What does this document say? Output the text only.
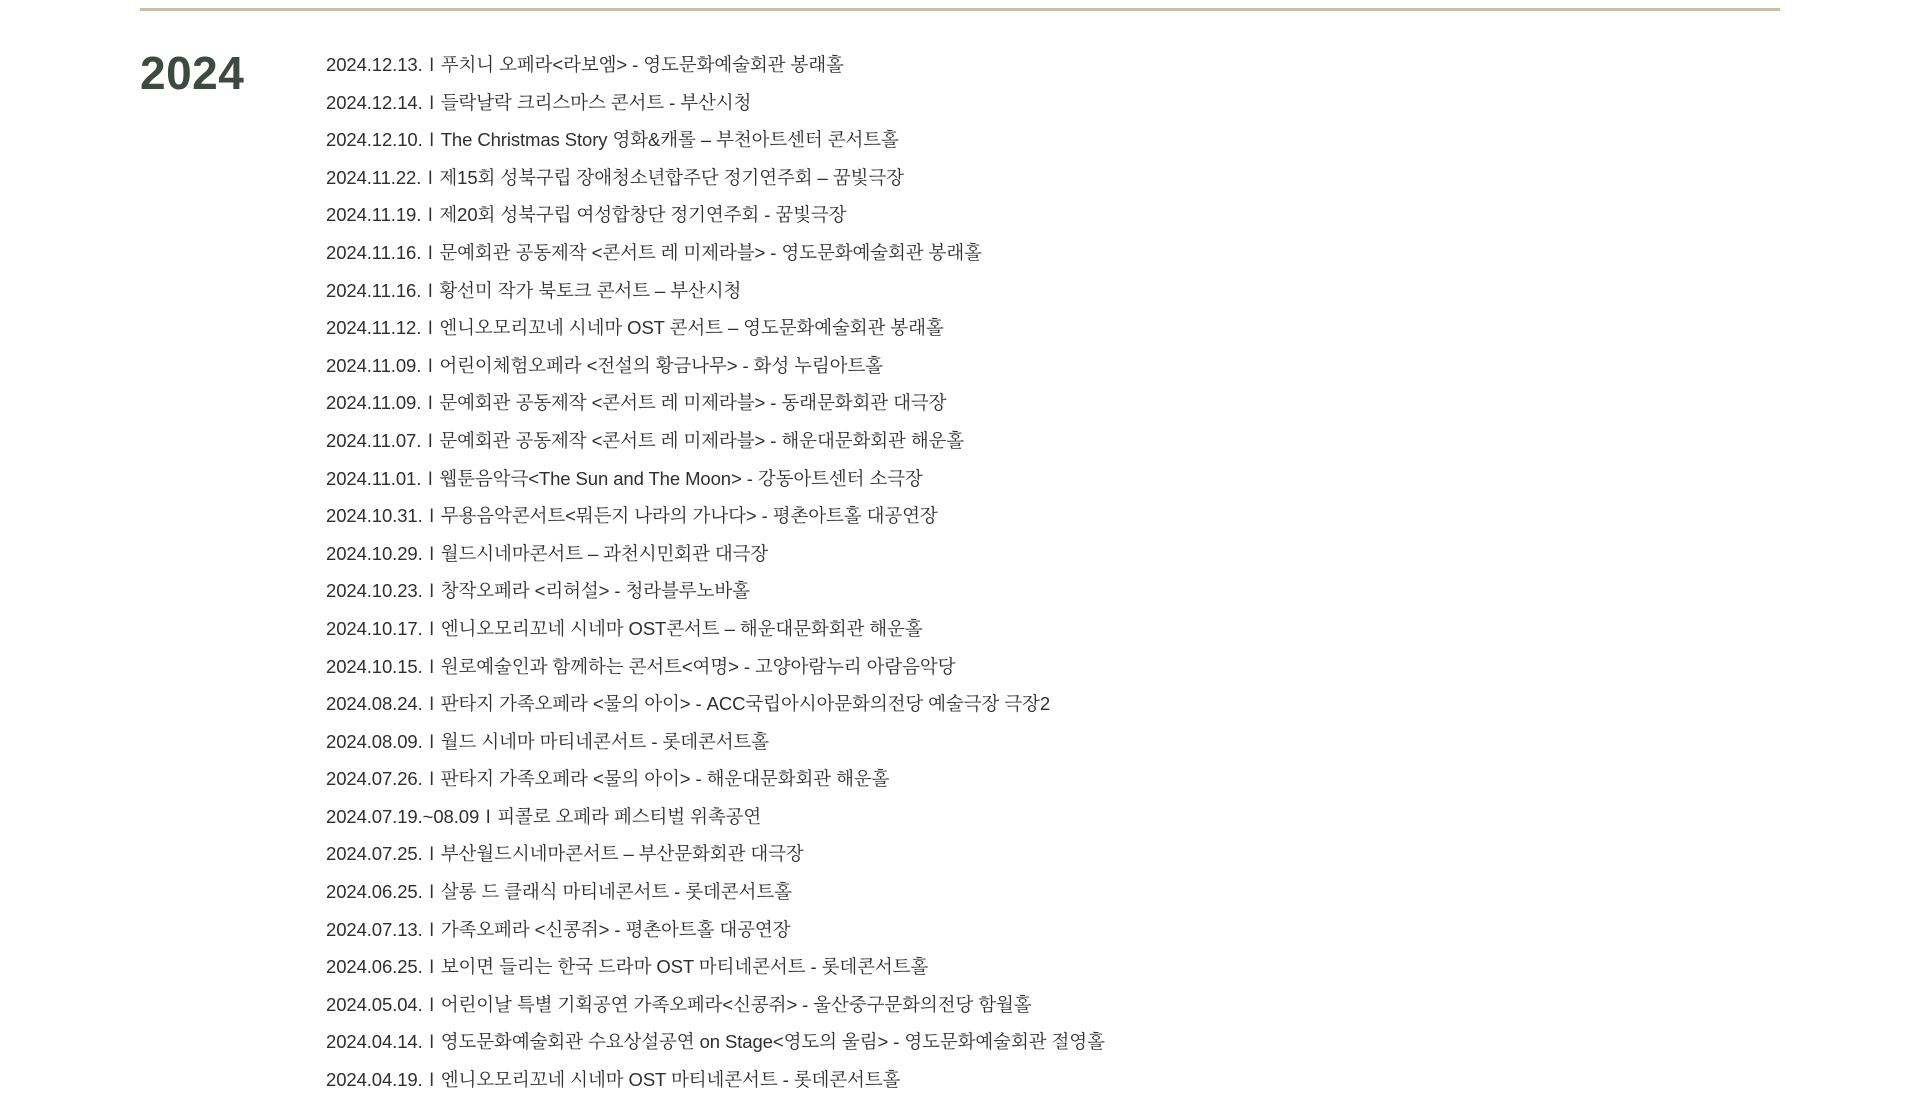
2024	2024.12.13. l 푸치니 오페라<라보엠> - 영도문화예술회관 봉래홀
2024.12.14. l 들락날락 크리스마스 콘서트 - 부산시청
2024.12.10. l The Christmas Story 영화&캐롤 – 부천아트센터 콘서트홀
2024.11.22. l 제15회 성북구립 장애청소년합주단 정기연주회 – 꿈빛극장
2024.11.19. l 제20회 성북구립 여성합창단 정기연주회 - 꿈빛극장
2024.11.16. l 문예회관 공동제작 <콘서트 레 미제라블> - 영도문화예술회관 봉래홀
2024.11.16. l 황선미 작가 북토크 콘서트 – 부산시청
2024.11.12. l 엔니오모리꼬네 시네마 OST 콘서트 – 영도문화예술회관 봉래홀
2024.11.09. l 어린이체험오페라 <전설의 황금나무> - 화성 누림아트홀
2024.11.09. l 문예회관 공동제작 <콘서트 레 미제라블> - 동래문화회관 대극장
2024.11.07. l 문예회관 공동제작 <콘서트 레 미제라블> - 해운대문화회관 해운홀
2024.11.01. l 웹툰음악극<The Sun and The Moon> - 강동아트센터 소극장
2024.10.31. l 무용음악콘서트<뭐든지 나라의 가나다> - 평촌아트홀 대공연장
2024.10.29. l 월드시네마콘서트 – 과천시민회관 대극장
2024.10.23. l 창작오페라 <리허설> - 청라블루노바홀
2024.10.17. l 엔니오모리꼬네 시네마 OST콘서트 – 해운대문화회관 해운홀
2024.10.15. l 원로예술인과 함께하는 콘서트<여명> - 고양아람누리 아람음악당
2024.08.24. l 판타지 가족오페라 <물의 아이> - ACC국립아시아문화의전당 예술극장 극장2
2024.08.09. l 월드 시네마 마티네콘서트 - 롯데콘서트홀
2024.07.26. l 판타지 가족오페라 <물의 아이> - 해운대문화회관 해운홀
2024.07.19.~08.09 l 피콜로 오페라 페스티벌 위촉공연
2024.07.25. l 부산월드시네마콘서트 – 부산문화회관 대극장
2024.06.25. l 살롱 드 클래식 마티네콘서트 - 롯데콘서트홀
2024.07.13. l 가족오페라 <신콩쥐> - 평촌아트홀 대공연장
2024.06.25. l 보이면 들리는 한국 드라마 OST 마티네콘서트 - 롯데콘서트홀
2024.05.04. l 어린이날 특별 기획공연 가족오페라<신콩쥐> - 울산중구문화의전당 함월홀
2024.04.14. l 영도문화예술회관 수요상설공연 on Stage<영도의 울림> - 영도문화예술회관 절영홀
2024.04.19. l 엔니오모리꼬네 시네마 OST 마티네콘서트 - 롯데콘서트홀
